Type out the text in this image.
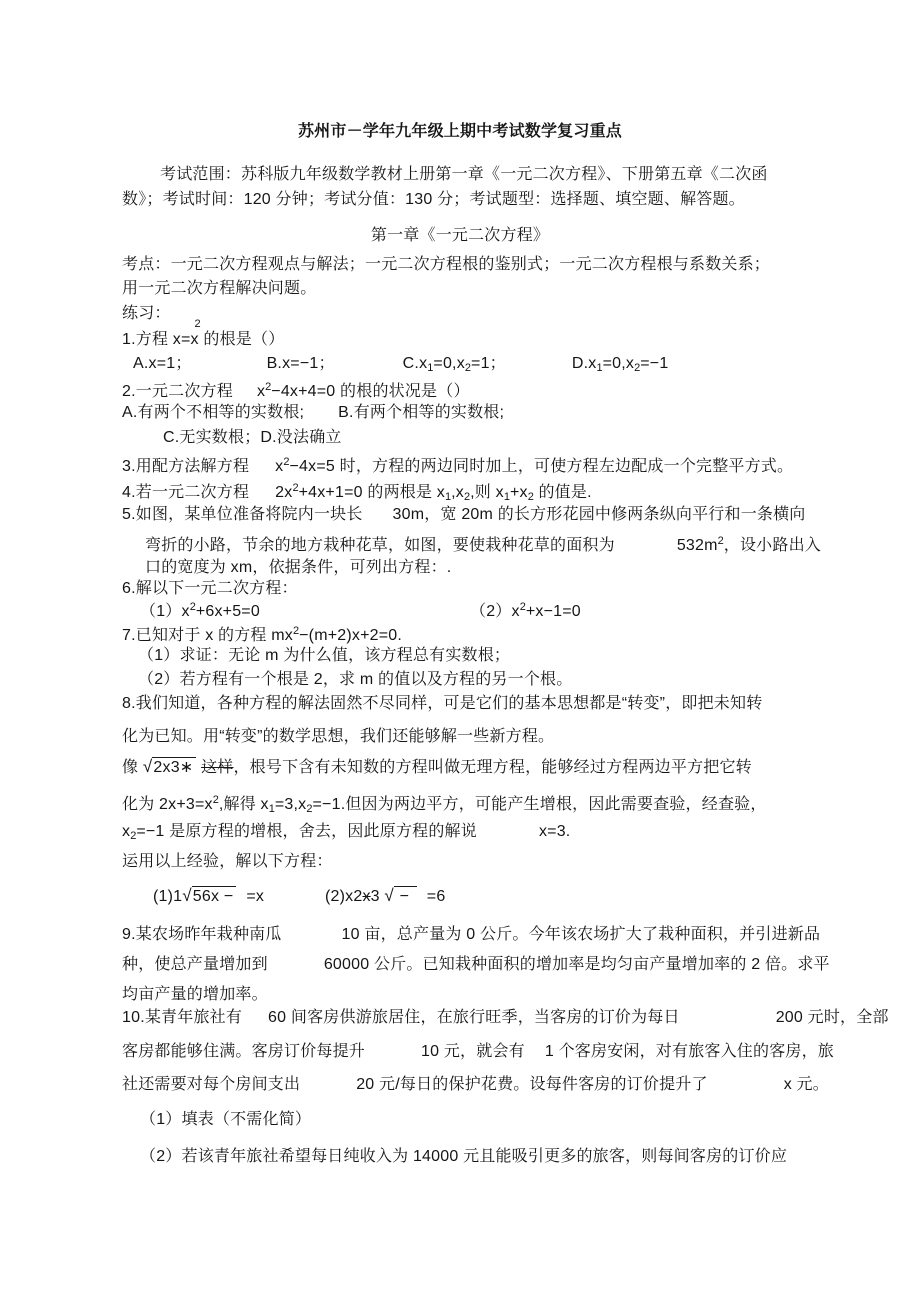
苏州市－学年九年级上期中考试数学复习重点
考试范围：苏科版九年级数学教材上册第一章《一元二次方程》、下册第五章《二次函
数》；考试时间：120 分钟；考试分值：130 分；考试题型：选择题、填空题、解答题。
第一章《一元二次方程》
考点：一元二次方程观点与解法；一元二次方程根的鉴别式；一元二次方程根与系数关系；
用一元二次方程解决问题。
练习：
1.方程 x=x
2
的根是（）
A.x=1；	B.x=−1；	$C.x_1=0,x_2=1$；	$D.x_1=0,x_2=-1$
2.一元二次方程 $x^2-4x+4=0$ 的根的状况是（）
A.有两个不相等的实数根; B.有两个相等的实数根;
C.无实数根；D.没法确立
3.用配方法解方程 $x^2-4x=5$ 时，方程的两边同时加上，可使方程左边配成一个完整平方式。
4.若一元二次方程 $2x^2+4x+1=0$ 的两根是 $x_1,x_2$,则 $x_1+x_2$ 的值是.
5.如图，某单位准备将院内一块长 30m，宽 20m 的长方形花园中修两条纵向平行和一条横向
弯折的小路，节余的地方栽种花草，如图，要使栽种花草的面积为	$532m^2$，设小路出入
口的宽度为 xm，依据条件，可列出方程：.
6.解以下一元二次方程：
$(1)x^2+6x+5=0$	$(2)x^2+x-1=0$
7.已知对于 x 的方程 $mx^2-(m+2)x+2=0$.
（1）求证：无论 m 为什么值，该方程总有实数根；
（2）若方程有一个根是 2，求 m 的值以及方程的另一个根。
8.我们知道，各种方程的解法固然不尽同样，可是它们的基本思想都是“转变”，即把未知转
化为已知。用“转变”的数学思想，我们还能够解一些新方程。
像 √2x3∗ 这样，根号下含有未知数的方程叫做无理方程，能够经过方程两边平方把它转
化为 $2x+3=x^2$,解得 $x_1=3,x_2=-1$.但因为两边平方，可能产生增根，因此需要查验，经查验，
$x_2=-1$ 是原方程的增根，舍去，因此原方程的解说	x=3.
运用以上经验，解以下方程：
(1)1√56x − =x	(2)x2x3 √ − =6
9.某农场昨年栽种南瓜	10 亩，总产量为 0 公斤。今年该农场扩大了栽种面积，并引进新品
种，使总产量增加到	60000 公斤。已知栽种面积的增加率是均匀亩产量增加率的 2 倍。求平
均亩产量的增加率。
10.某青年旅社有 60 间客房供游旅居住，在旅行旺季，当客房的订价为每日	200 元时，全部
客房都能够住满。客房订价每提升	10 元，就会有 1 个客房安闲，对有旅客入住的客房，旅
社还需要对每个房间支出	20 元/每日的保护花费。设每件客房的订价提升了	x 元。
（1）填表（不需化简）
（2）若该青年旅社希望每日纯收入为 14000 元且能吸引更多的旅客，则每间客房的订价应
